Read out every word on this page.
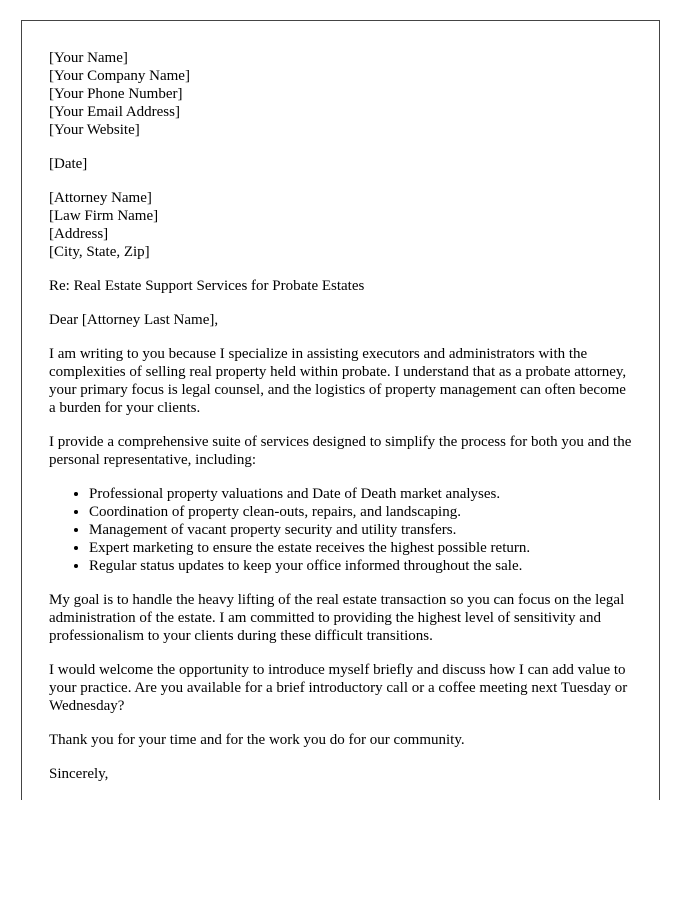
[Your Name]
[Your Company Name]
[Your Phone Number]
[Your Email Address]
[Your Website]
[Date]
[Attorney Name]
[Law Firm Name]
[Address]
[City, State, Zip]

Re: Real Estate Support Services for Probate Estates

Dear [Attorney Last Name],

I am writing to you because I specialize in assisting executors and administrators with the complexities of selling real property held within probate. I understand that as a probate attorney, your primary focus is legal counsel, and the logistics of property management can often become a burden for your clients.

I provide a comprehensive suite of services designed to simplify the process for both you and the personal representative, including:

• Professional property valuations and Date of Death market analyses.
• Coordination of property clean-outs, repairs, and landscaping.
• Management of vacant property security and utility transfers.
• Expert marketing to ensure the estate receives the highest possible return.
• Regular status updates to keep your office informed throughout the sale.

My goal is to handle the heavy lifting of the real estate transaction so you can focus on the legal administration of the estate. I am committed to providing the highest level of sensitivity and professionalism to your clients during these difficult transitions.

I would welcome the opportunity to introduce myself briefly and discuss how I can add value to your practice. Are you available for a brief introductory call or a coffee meeting next Tuesday or Wednesday?

Thank you for your time and for the work you do for our community.

Sincerely,
